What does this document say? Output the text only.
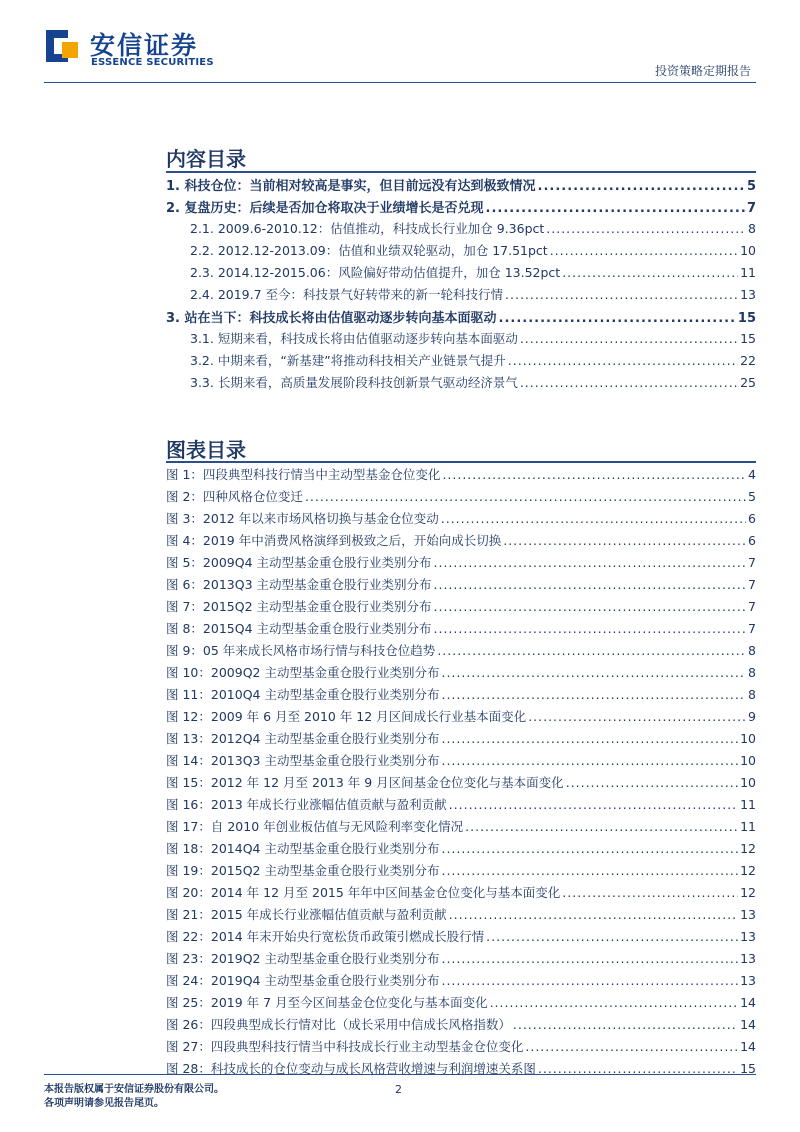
安信证券
ESSENCE SECURITIES
投资策略定期报告
内容目录
1. 科技仓位：当前相对较高是事实，但目前远没有达到极致情况 .....	5
2. 复盘历史：后续是否加仓将取决于业绩增长是否兑现 .....	7
2.1. 2009.6-2010.12：估值推动，科技成长行业加仓 9.36pct .....	8
2.2. 2012.12-2013.09：估值和业绩双轮驱动，加仓 17.51pct .....	10
2.3. 2014.12-2015.06：风险偏好带动估值提升，加仓 13.52pct .....	11
2.4. 2019.7 至今：科技景气好转带来的新一轮科技行情 .....	13
3. 站在当下：科技成长将由估值驱动逐步转向基本面驱动 .....	15
3.1. 短期来看，科技成长将由估值驱动逐步转向基本面驱动 .....	15
3.2. 中期来看，“新基建”将推动科技相关产业链景气提升 .....	22
3.3. 长期来看，高质量发展阶段科技创新景气驱动经济景气 .....	25
图表目录
图 1：四段典型科技行情当中主动型基金仓位变化 .....	4
图 2：四种风格仓位变迁 .....	5
图 3：2012 年以来市场风格切换与基金仓位变动 .....	6
图 4：2019 年中消费风格演绎到极致之后，开始向成长切换 .....	6
图 5：2009Q4 主动型基金重仓股行业类别分布 .....	7
图 6：2013Q3 主动型基金重仓股行业类别分布 .....	7
图 7：2015Q2 主动型基金重仓股行业类别分布 .....	7
图 8：2015Q4 主动型基金重仓股行业类别分布 .....	7
图 9：05 年来成长风格市场行情与科技仓位趋势 .....	8
图 10：2009Q2 主动型基金重仓股行业类别分布 .....	8
图 11：2010Q4 主动型基金重仓股行业类别分布 .....	8
图 12：2009 年 6 月至 2010 年 12 月区间成长行业基本面变化 .....	9
图 13：2012Q4 主动型基金重仓股行业类别分布 .....	10
图 14：2013Q3 主动型基金重仓股行业类别分布 .....	10
图 15：2012 年 12 月至 2013 年 9 月区间基金仓位变化与基本面变化 .....	10
图 16：2013 年成长行业涨幅估值贡献与盈利贡献 .....	11
图 17：自 2010 年创业板估值与无风险利率变化情况 .....	11
图 18：2014Q4 主动型基金重仓股行业类别分布 .....	12
图 19：2015Q2 主动型基金重仓股行业类别分布 .....	12
图 20：2014 年 12 月至 2015 年年中区间基金仓位变化与基本面变化 .....	12
图 21：2015 年成长行业涨幅估值贡献与盈利贡献 .....	13
图 22：2014 年末开始央行宽松货币政策引燃成长股行情 .....	13
图 23：2019Q2 主动型基金重仓股行业类别分布 .....	13
图 24：2019Q4 主动型基金重仓股行业类别分布 .....	13
图 25：2019 年 7 月至今区间基金仓位变化与基本面变化 .....	14
图 26：四段典型成长行情对比（成长采用中信成长风格指数） .....	14
图 27：四段典型科技行情当中科技成长行业主动型基金仓位变化 .....	14
图 28：科技成长的仓位变动与成长风格营收增速与利润增速关系图 .....	15
本报告版权属于安信证券股份有限公司。
各项声明请参见报告尾页。
2
